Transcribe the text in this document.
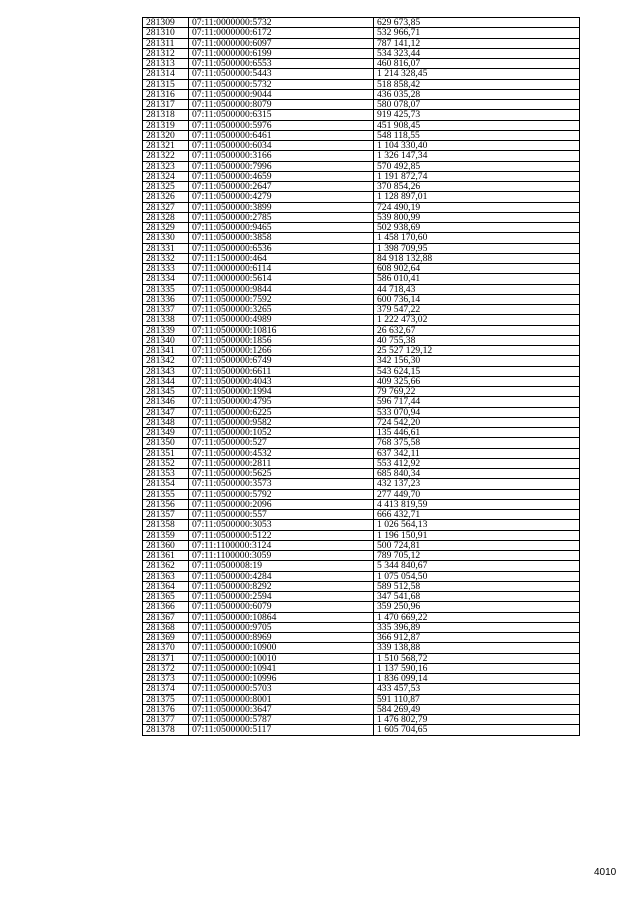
281309	07:11:0000000:5732	629 673,85
281310	07:11:0000000:6172	532 966,71
281311	07:11:0000000:6097	787 141,12
281312	07:11:0000000:6199	534 323,44
281313	07:11:0500000:6553	460 816,07
281314	07:11:0500000:5443	1 214 328,45
281315	07:11:0500000:5732	518 858,42
281316	07:11:0500000:9044	436 035,28
281317	07:11:0500000:8079	580 078,07
281318	07:11:0500000:6315	919 425,73
281319	07:11:0500000:5976	451 908,45
281320	07:11:0500000:6461	548 118,55
281321	07:11:0500000:6034	1 104 330,40
281322	07:11:0500000:3166	1 326 147,34
281323	07:11:0500000:7996	570 492,85
281324	07:11:0500000:4659	1 191 872,74
281325	07:11:0500000:2647	370 854,26
281326	07:11:0500000:4279	1 128 897,01
281327	07:11:0500000:3899	724 490,19
281328	07:11:0500000:2785	539 800,99
281329	07:11:0500000:9465	502 938,69
281330	07:11:0500000:3858	1 458 170,60
281331	07:11:0500000:6536	1 398 709,95
281332	07:11:1500000:464	84 918 132,88
281333	07:11:0000000:6114	608 902,64
281334	07:11:0000000:5614	586 010,41
281335	07:11:0500000:9844	44 718,43
281336	07:11:0500000:7592	600 736,14
281337	07:11:0500000:3265	379 547,22
281338	07:11:0500000:4989	1 222 473,02
281339	07:11:0500000:10816	26 632,67
281340	07:11:0500000:1856	40 755,38
281341	07:11:0500000:1266	25 527 129,12
281342	07:11:0500000:6749	342 156,30
281343	07:11:0500000:6611	543 624,15
281344	07:11:0500000:4043	409 325,66
281345	07:11:0500000:1994	79 769,22
281346	07:11:0500000:4795	596 717,44
281347	07:11:0500000:6225	533 070,94
281348	07:11:0500000:9582	724 542,20
281349	07:11:0500000:1052	135 446,61
281350	07:11:0500000:527	768 375,58
281351	07:11:0500000:4532	637 342,11
281352	07:11:0500000:2811	553 412,92
281353	07:11:0500000:5625	685 840,34
281354	07:11:0500000:3573	432 137,23
281355	07:11:0500000:5792	277 449,70
281356	07:11:0500000:2096	4 413 819,59
281357	07:11:0500000:557	666 432,71
281358	07:11:0500000:3053	1 026 564,13
281359	07:11:0500000:5122	1 196 150,91
281360	07:11:1100000:3124	500 724,81
281361	07:11:1100000:3059	789 705,12
281362	07:11:0500008:19	5 344 840,67
281363	07:11:0500000:4284	1 075 054,50
281364	07:11:0500000:8292	589 512,58
281365	07:11:0500000:2594	347 541,68
281366	07:11:0500000:6079	359 250,96
281367	07:11:0500000:10864	1 470 669,22
281368	07:11:0500000:9705	335 396,89
281369	07:11:0500000:8969	366 912,87
281370	07:11:0500000:10900	339 138,88
281371	07:11:0500000:10010	1 510 568,72
281372	07:11:0500000:10941	1 137 590,16
281373	07:11:0500000:10996	1 836 099,14
281374	07:11:0500000:5703	433 457,53
281375	07:11:0500000:8001	591 110,87
281376	07:11:0500000:3647	584 269,49
281377	07:11:0500000:5787	1 476 802,79
281378	07:11:0500000:5117	1 605 704,65
4010
